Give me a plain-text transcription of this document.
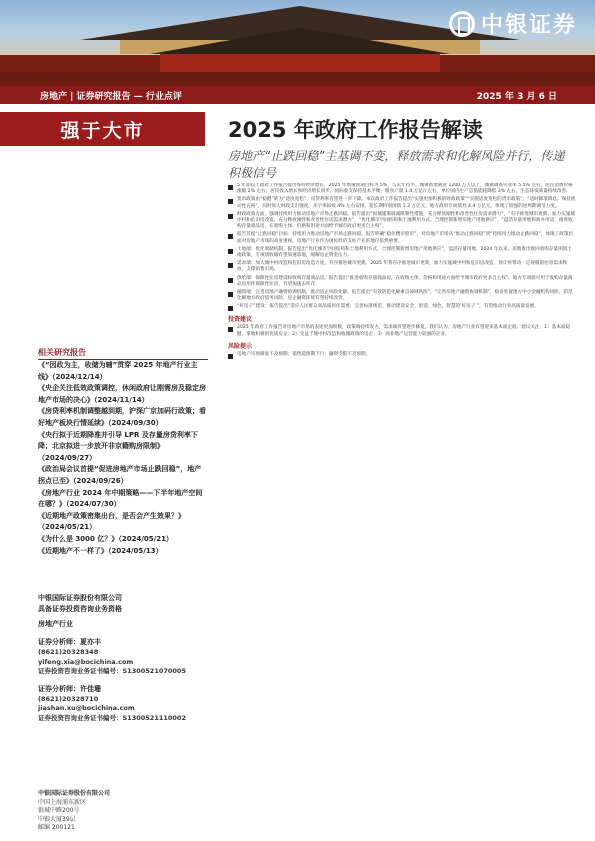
中银证券
房地产 | 证券研究报告 — 行业点评	2025 年 3 月 6 日
强于大市	2025 年政府工作报告解读
房地产“止跌回稳”主基调不变，释放需求和化解风险并行，传递积极信号

5 年期以上政府工作报告提出保持经济增长，2025 年增速预期目标为 5%，与去年持平。城镇新增就业 1200 万人以上，城镇调查失业率 5.5% 左右，居民消费价格涨幅 2% 左右，居民收入增长和经济增长同步，国际收支保持基本平衡，粮食产量 1.4 万亿斤左右，单位国内生产总值能耗降低 3% 左右，生态环境质量持续改善。

货币政策由“稳健”转为“适度宽松”，房贷利率有望进一步下降。本次政府工作报告提出“实施更加积极的财政政策”“实施适度宽松的货币政策”，“适时降准降息，保持流动性充裕”，同时加大财政支出强度，赤字率拟按 4% 左右安排，超长期特别国债 1.3 万亿元，地方政府专项债券 4.4 万亿元，体现了较强的逆周期调节力度。

财政政策方面，强调持续用力推动房地产市场止跌回稳。报告提出“因城施策调减限制性措施，充分释放刚性和改善性住房需求潜力”，“有序推进城市更新，加力实施城中村和危旧房改造，充分释放刚性和改善性住房需求潜力”，“优化城市空间结构和土地利用方式，合理控制新增房地产用地供应”，“盘活存量用地和商办用房，推进收购存量商品房，在收购主体、价格和用途方面给予城市政府更多自主权”。

报告首提“止跌回稳”目标：持续用力推动房地产市场止跌回稳。报告明确“稳住楼市股市”，对房地产市场从“推动止跌回稳”到“持续用力推动止跌回稳”，体现了政策层面对房地产市场的高度重视，房地产行业作为国民经济支柱产业的地位依然重要。

土地端：优化收储机制。报告提出“优化城市空间结构和土地利用方式，合理控制新增房地产用地供应”，盘活存量用地。2024 年以来，多地推出收回收购存量闲置土地政策，专项债收储有望加速落地，缓解房企资金压力。

需求端：加大城中村改造和危旧房改造力度，有序推进城市更新。2025 年将有序推进城市更新，加力实施城中村和危旧房改造，预计将带动一定规模的住房需求释放，支撑销售市场。

供给端：保障性住房建设和收购存量商品房。报告提出“推进收购存量商品房，在收购主体、价格和用途方面给予城市政府更多自主权”，地方专项债可用于收购存量商品房用作保障性住房，有望加速去库存。

融资端：完善房地产融资协调机制，推动房企风险化解。报告提出“有效防范化解重点领域风险”，“完善房地产融资协调机制”，稳妥处置地方中小金融机构风险，防范化解地方政府债务风险，房企融资环境有望持续改善。

“好房子”建设：报告提出“适应人民群众高品质居住需要，完善标准规范，推动建设安全、舒适、绿色、智慧的‘好房子’”，有望推动行业高质量发展。

投资建议

2025 年政府工作报告对房地产市场的表述更加积极，政策端持续发力，需求端有望逐步修复。我们认为，房地产行业有望迎来基本面企稳，建议关注：1）基本面稳健、拿地积极的优质房企；2）受益于城中村改造和收储政策的房企；3）商业地产运营能力较强的企业。

风险提示

房地产市场修复不及预期；销售超预期下行；融资受阻不及预期。

相关研究报告
《“因政为主，收储为辅”贯穿 2025 年地产行业主线》（2024/12/14）
《央企关注低效政策调控，休闲政府让刚需房及稳定房地产市场的决心》（2024/11/14）
《房贷利率机制调整越到期，沪深广京加码行政策；看好地产板块行情延续》（2024/09/30）
《央行拟于近期降准并引导 LPR 及存量房贷利率下降；北京拟进一步放开非京籍购房限制》（2024/09/27）
《政治局会议首提“促进房地产市场止跌回稳”，地产拐点已至》（2024/09/26）
《房地产行业 2024 年中期策略——下半年地产空间在哪？》（2024/07/30）
《近期地产政策密集出台，是否会产生效果？》（2024/05/21）
《为什么是 3000 亿？》（2024/05/21）
《近期地产不一样了》（2024/05/13）
中银国际证券股份有限公司
具备证券投资咨询业务资格
房地产行业
证券分析师：夏亦丰
(8621)20328348
yifeng.xia@bocichina.com
证券投资咨询业务证书编号：S1300521070005
证券分析师：许佳珊
(8621)20328710
jiashan.xu@bocichina.com
证券投资咨询业务证书编号：S1300521110002
中银国际证券股份有限公司
中国上海浦东新区
银城中路200号
中银大厦39层
邮编 200121
